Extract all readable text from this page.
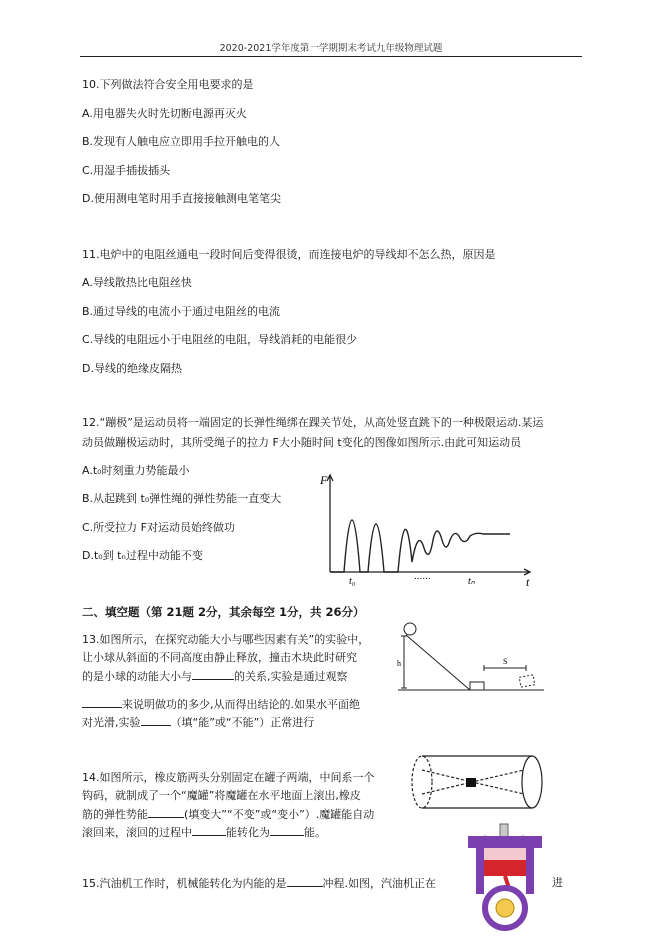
2020-2021学年度第一学期期末考试九年级物理试题
10.下列做法符合安全用电要求的是
A.用电器失火时先切断电源再灭火
B.发现有人触电应立即用手拉开触电的人
C.用湿手插拔插头
D.使用测电笔时用手直接接触测电笔笔尖
11.电炉中的电阻丝通电一段时间后变得很烫，而连接电炉的导线却不怎么热，原因是
A.导线散热比电阻丝快
B.通过导线的电流小于通过电阻丝的电流
C.导线的电阻远小于电阻丝的电阻，导线消耗的电能很少
D.导线的绝缘皮隔热
12.“蹦极”是运动员将一端固定的长弹性绳绑在踝关节处，从高处竖直跳下的一种极限运动.某运
动员做蹦极运动时，其所受绳子的拉力 F大小随时间 t变化的图像如图所示.由此可知运动员
A.t₀时刻重力势能最小
B.从起跳到 t₀弹性绳的弹性势能一直变大
C.所受拉力 F对运动员始终做功
D.t₀到 tₙ过程中动能不变
F
t
t₀	......	tₙ
二、填空题（第 21题 2分，其余每空 1分，共 26分）
13.如图所示，在探究动能大小与哪些因素有关”的实验中，
让小球从斜面的不同高度由静止释放，撞击木块此时研究
的是小球的动能大小与	的关系,实验是通过观察
来说明做功的多少,从而得出结论的.如果水平面绝
对光滑,实验	（填“能”或“不能”）正常进行
h	S
14.如图所示，橡皮筋两头分别固定在罐子两端，中间系一个
钩码，就制成了一个“魔罐”将魔罐在水平地面上滚出,橡皮
筋的弹性势能	(填变大”“不变”或“变小”）.魔罐能自动
滚回来，滚回的过程中	能转化为	能。
15.汽油机工作时，机械能转化为内能的是	冲程.如图，汽油机正在	进
